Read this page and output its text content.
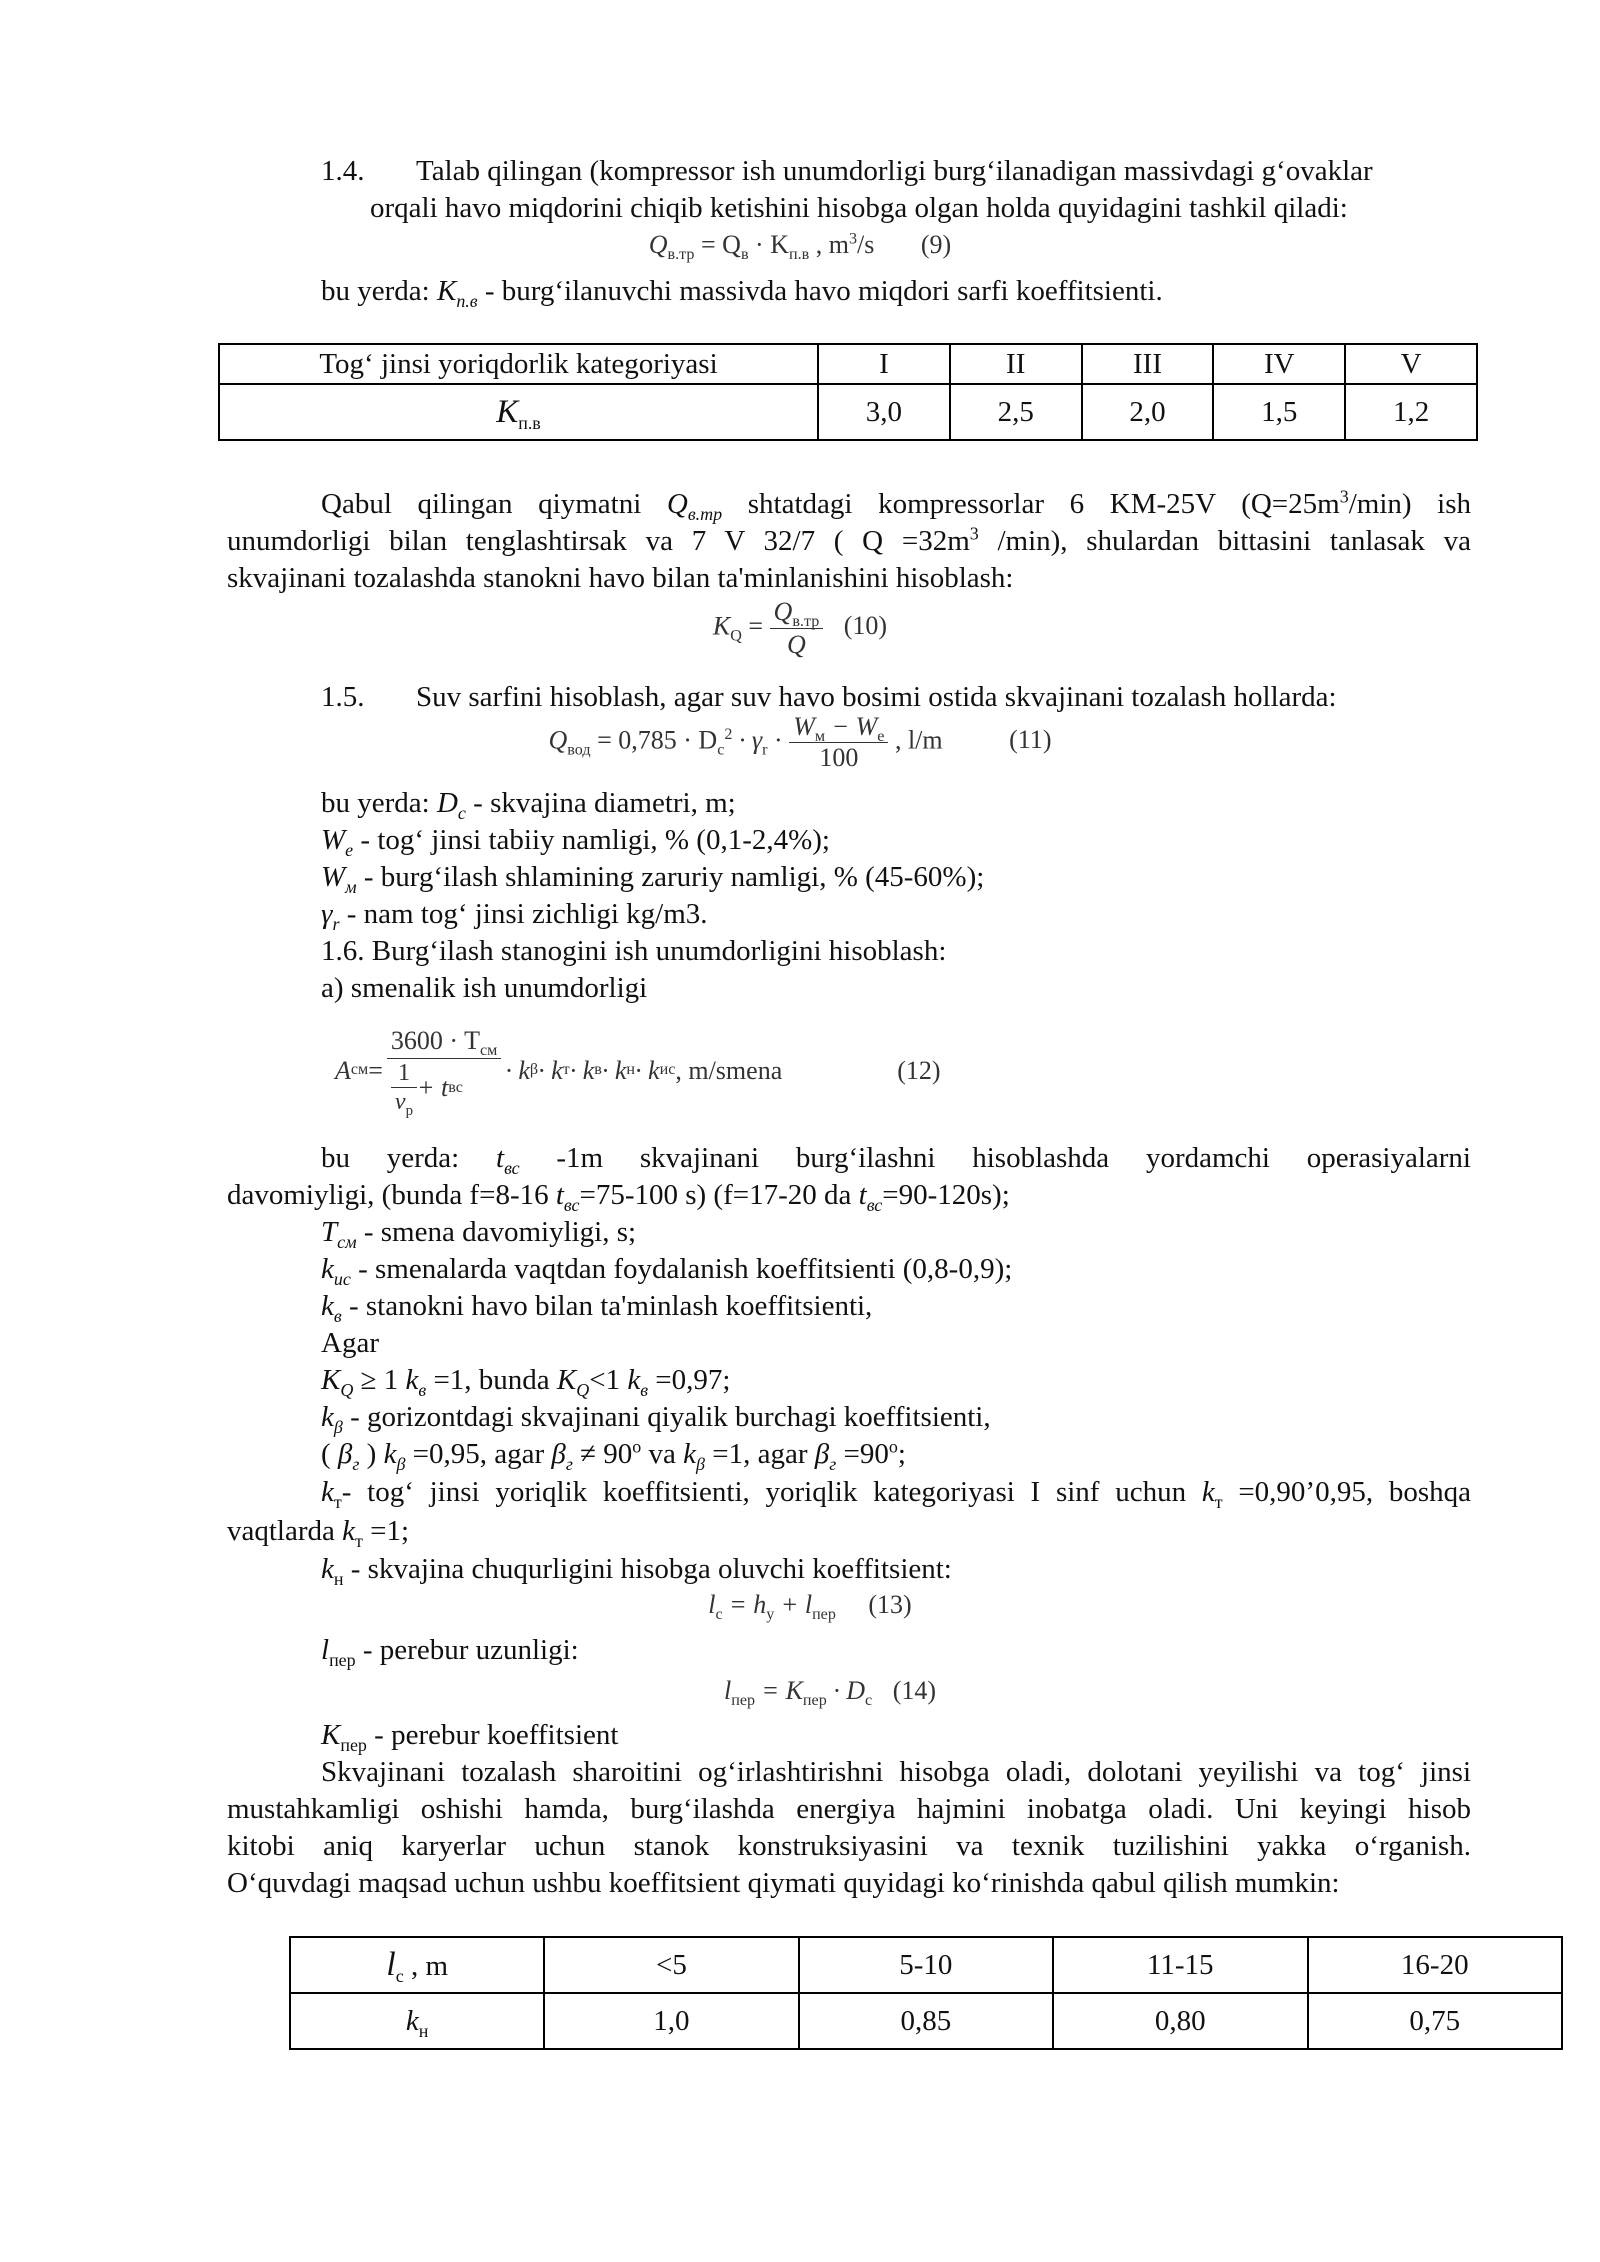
1.4. Talab qilingan (kompressor ish unumdorligi burg‘ilanadigan massivdagi g‘ovaklar
orqali havo miqdorini chiqib ketishini hisobga olgan holda quyidagini tashkil qiladi:
$Q_{в.тр} = Q_в \cdot K_{п.в}$ , $m^3/s$ (9)
bu yerda: $K_{п.в}$ - burg‘ilanuvchi massivda havo miqdori sarfi koeffitsienti.
Tog‘ jinsi yoriqdorlik kategoriyasi	I	II	III	IV	V
$K_{п.в}$	3,0	2,5	2,0	1,5	1,2
Qabul qilingan qiymatni $Q_{в.тр}$ shtatdagi kompressorlar 6 KM-25V $(Q=25m^3/\min)$ ish
unumdorligi bilan tenglashtirsak va 7 V 32/7 ( $Q =32m^3$ /min), shulardan bittasini tanlasak va
skvajinani tozalashda stanokni havo bilan ta'minlanishini hisoblash:
$K_Q = \frac{Q_{в.тр}}{Q} (10)$
1.5. Suv sarfini hisoblash, agar suv havo bosimi ostida skvajinani tozalash hollarda:
$Q_{вод} = 0,785 \cdot D_c^2 \cdot \gamma_r \cdot \frac{W_м - W_e}{100}$ , l/m	(11)
bu yerda: $D_c$ - skvajina diametri, m;
$W_e$ - tog‘ jinsi tabiiy namligi, % (0,1-2,4%);
$W_м$ - burg‘ilash shlamining zaruriy namligi, % (45-60%);
$\gamma_r$ - nam tog‘ jinsi zichligi kg/m3.
1.6. Burg‘ilash stanogini ish unumdorligini hisoblash:
a) smenalik ish unumdorligi
A см = $\frac{3600 \cdot T_{см}}{\frac{1}{v_р} + t вс} \cdot k$ β · k т · k в · k н · k ис , m/smena	(12)
bu yerda: $t_{вс}$ -1m skvajinani burg‘ilashni hisoblashda yordamchi operasiyalarni
davomiyligi, (bunda f=8-16 $t_{вс}=75-100$ s) (f=17-20 da $t_{вс}=90-120s$);
$T_{см}$ - smena davomiyligi, s;
$k_{ис}$ - smenalarda vaqtdan foydalanish koeffitsienti (0,8-0,9);
$k_в$ - stanokni havo bilan ta'minlash koeffitsienti,
Agar
$K_Q \ge 1$ $k_в =1$, bunda $K_Q<1$ $k_в =0,97$;
$k_\beta$ - gorizontdagi skvajinani qiyalik burchagi koeffitsienti,
( $\beta_г$ ) $k_\beta =0,95$, agar $\beta_г \ne 90^o$ va $k_\beta =1$, agar $\beta_г =90^o$;
$k_т-$ tog‘ jinsi yoriqlik koeffitsienti, yoriqlik kategoriyasi I sinf uchun $k_т$ =0,90’0,95, boshqa
vaqtlarda $k_т =1$;
$k_н$ - skvajina chuqurligini hisobga oluvchi koeffitsient:
$l_c = h_y + l_{пер}$ (13)
$l_{пер}$ - perebur uzunligi:
$l_{пер} = K_{пер} \cdot D_c$ (14)
$K_{пер}$ - perebur koeffitsient
Skvajinani tozalash sharoitini og‘irlashtirishni hisobga oladi, dolotani yeyilishi va tog‘ jinsi
mustahkamligi oshishi hamda, burg‘ilashda energiya hajmini inobatga oladi. Uni keyingi hisob
kitobi aniq karyerlar uchun stanok konstruksiyasini va texnik tuzilishini yakka o‘rganish.
O‘quvdagi maqsad uchun ushbu koeffitsient qiymati quyidagi ko‘rinishda qabul qilish mumkin:
$l_c$ , m	<5	5-10	11-15	16-20
$k_н$	1,0	0,85	0,80	0,75
